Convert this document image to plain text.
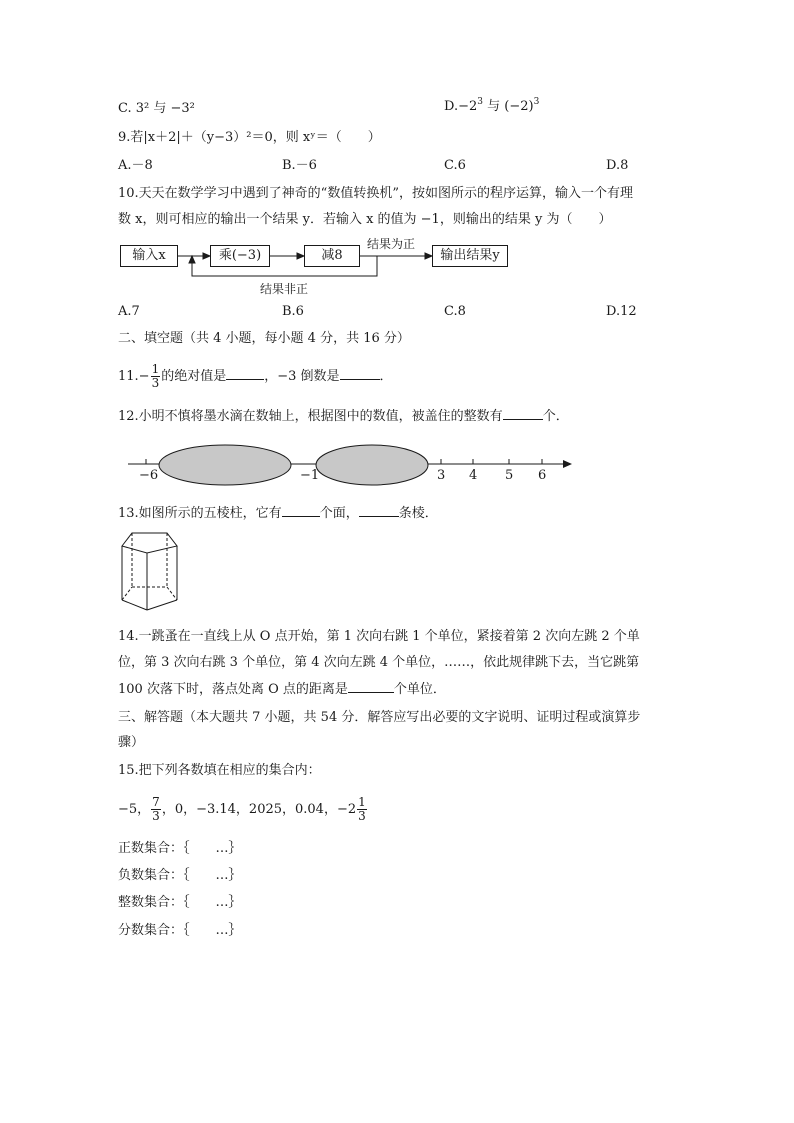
C. 3² 与 −3²	$D.-2^3$ 与 $(-2)^3$
9.若|x＋2|＋（y−3）²＝0，则 xʸ＝（　　）
A.－8	B.－6	C.6	D.8
10.天天在数学学习中遇到了神奇的“数值转换机”，按如图所示的程序运算，输入一个有理
数 x，则可相应的输出一个结果 y．若输入 x 的值为 −1，则输出的结果 y 为（　　）
输入x	乘(−3)	减8	输出结果y
结果为正
结果非正
A.7	B.6	C.8	D.12
二、填空题（共 4 小题，每小题 4 分，共 16 分）
$11.- \frac{1}{3}$ 的绝对值是	，−3 倒数是	．
12.小明不慎将墨水滴在数轴上，根据图中的数值，被盖住的整数有	个．
−6	−1	3 4 5 6
13.如图所示的五棱柱，它有	个面，	条棱．
14.一跳蚤在一直线上从 O 点开始，第 1 次向右跳 1 个单位，紧接着第 2 次向左跳 2 个单
位，第 3 次向右跳 3 个单位，第 4 次向左跳 4 个单位，……，依此规律跳下去，当它跳第
100 次落下时，落点处离 O 点的距离是	个单位．
三、解答题（本大题共 7 小题，共 54 分．解答应写出必要的文字说明、证明过程或演算步
骤）
15.把下列各数填在相应的集合内：
−5， $\frac{7}{3}$ ，0，−3.14，2025，0.04，$-2 \frac{1}{3}$
正数集合：｛　　…｝
负数集合：｛　　…｝
整数集合：｛　　…｝
分数集合：｛　　…｝
